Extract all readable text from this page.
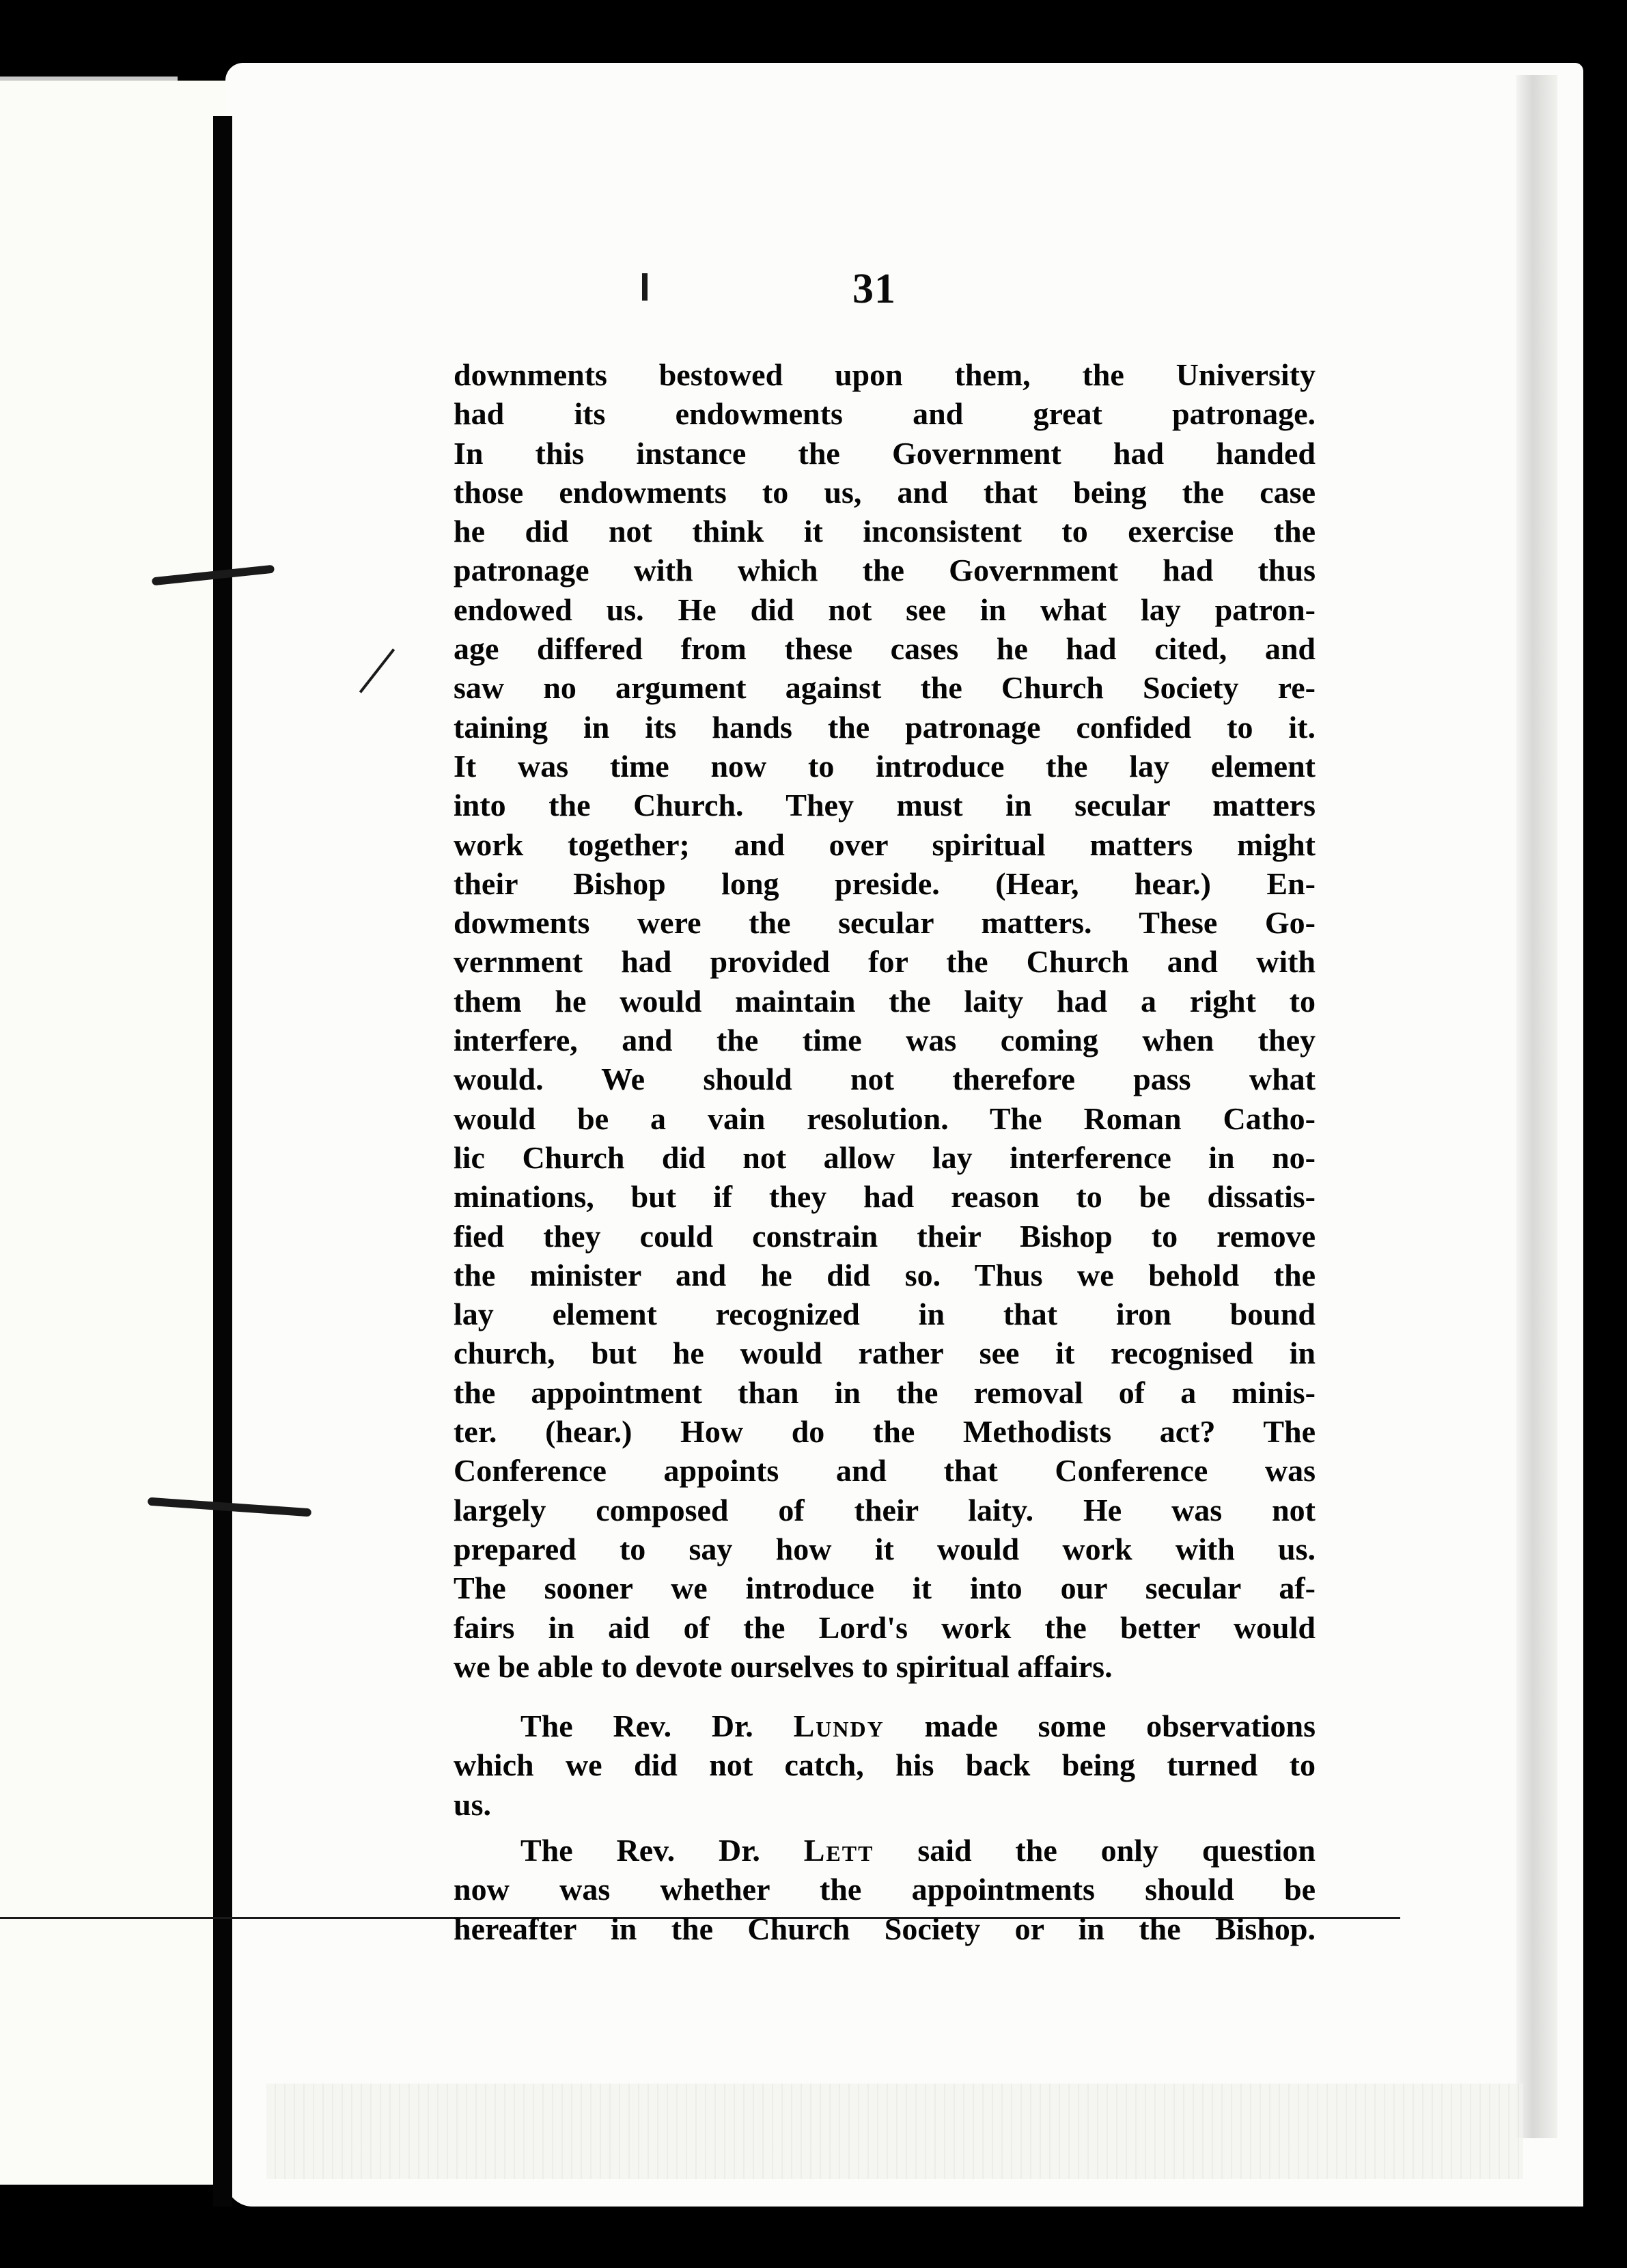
31
downments bestowed upon them, the University
had its endowments and great patronage.
In this instance the Government had handed
those endowments to us, and that being the case
he did not think it inconsistent to exercise the
patronage with which the Government had thus
endowed us. He did not see in what lay patron-
age differed from these cases he had cited, and
saw no argument against the Church Society re-
taining in its hands the patronage confided to it.
It was time now to introduce the lay element
into the Church. They must in secular matters
work together; and over spiritual matters might
their Bishop long preside. (Hear, hear.) En-
dowments were the secular matters. These Go-
vernment had provided for the Church and with
them he would maintain the laity had a right to
interfere, and the time was coming when they
would. We should not therefore pass what
would be a vain resolution. The Roman Catho-
lic Church did not allow lay interference in no-
minations, but if they had reason to be dissatis-
fied they could constrain their Bishop to remove
the minister and he did so. Thus we behold the
lay element recognized in that iron bound
church, but he would rather see it recognised in
the appointment than in the removal of a minis-
ter. (hear.) How do the Methodists act? The
Conference appoints and that Conference was
largely composed of their laity. He was not
prepared to say how it would work with us.
The sooner we introduce it into our secular af-
fairs in aid of the Lord's work the better would
we be able to devote ourselves to spiritual affairs.
The Rev. Dr. Lundy made some observations
which we did not catch, his back being turned to
us.
The Rev. Dr. Lett said the only question
now was whether the appointments should be
hereafter in the Church Society or in the Bishop.
